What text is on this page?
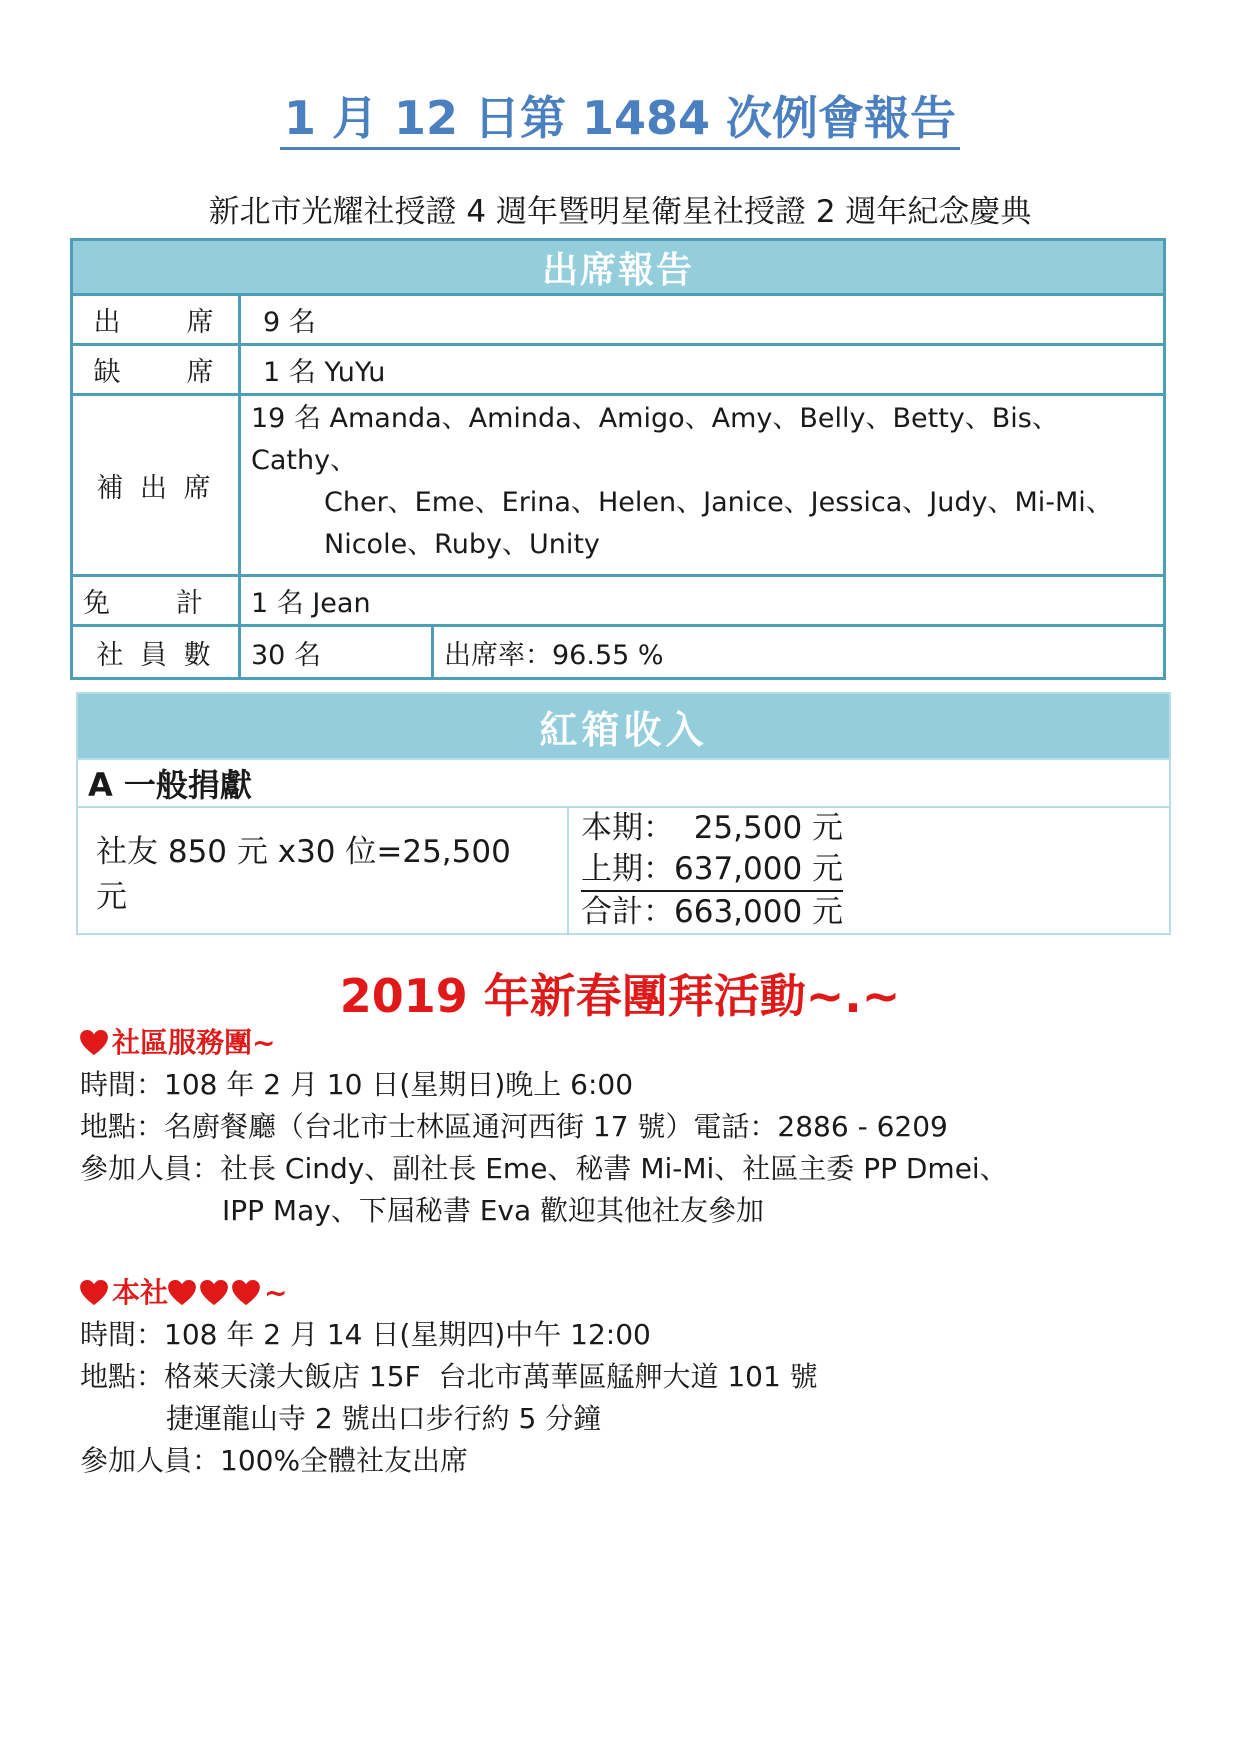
1 月 12 日第 1484 次例會報告
新北市光耀社授證 4 週年暨明星衛星社授證 2 週年紀念慶典
出席報告		
出　　席	9 名	
缺　　席	1 名 YuYu	
補 出 席	19 名 Amanda、Aminda、Amigo、Amy、Belly、Betty、Bis、Cathy、
Cher、Eme、Erina、Helen、Janice、Jessica、Judy、Mi-Mi、
Nicole、Ruby、Unity	

免　　計	1 名 Jean	
社 員 數	30 名	出席率：96.55 %
紅箱收入
A 一般捐獻
社友 850 元 x30 位=25,500 元	
本期：  25,500 元
上期：637,000 元
合計：663,000 元
2019 年新春團拜活動~.~
社區服務團~
時間：108 年 2 月 10 日(星期日)晚上 6:00
地點：名廚餐廳（台北市士林區通河西街 17 號）電話：2886 - 6209
參加人員：社長 Cindy、副社長 Eme、秘書 Mi-Mi、社區主委 PP Dmei、
IPP May、下屆秘書 Eva 歡迎其他社友參加
本社	~
時間：108 年 2 月 14 日(星期四)中午 12:00
地點：格萊天漾大飯店 15F  台北市萬華區艋舺大道 101 號
捷運龍山寺 2 號出口步行約 5 分鐘
參加人員：100%全體社友出席
